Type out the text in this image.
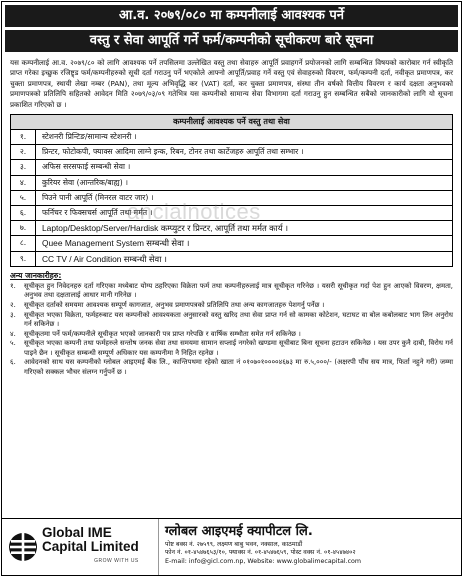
आ.व. २०७९/०८० मा कम्पनीलाई आवश्यक पर्ने
वस्तु र सेवा आपूर्ति गर्ने फर्म/कम्पनीको सूचीकरण बारे सूचना
यस कम्पनीलाई आ.व. २०७९/८० को लागि आवश्यक पर्ने तपसिलमा उल्लेखित वस्तु तथा सेवाहरु आपूर्ति प्रवाहगर्ने प्रयोजनको लागि सम्बन्धित विषयको कारोबार गर्न स्वीकृति प्राप्त गरेका इच्छुक रजिष्ट्र्ड फर्म/कम्पनीहरुको सूची दर्ता गराउनु पर्ने भएकोले आफ्नो आपूर्ति/प्रवाह गर्ने वस्तु एवं सेवाहरुको विवरण, फर्म/कम्पनी दर्ता, नवीकृत प्रमाणपत्र, कर चुक्ता प्रमाणपत्र, स्थायी लेखा नम्बर (PAN), तथा मूल्य अभिवृद्धि कर (VAT) दर्ता, कर चुक्ता प्रमाणपत्र, संस्था तीन वर्षको वित्तीय विवरण र कार्य दक्षता अनुभवको प्रमाणपत्रको प्रतिलिपि सहितको आवेदन मिति २०७९/०३/०९ गतेभित्र यस कम्पनीको सामान्य सेवा विभागमा दर्ता गराउनु हुन सम्बन्धित सबैको जानकारीको लागि यो सूचना प्रकाशित गरिएको छ ।
कम्पनीलाई आवश्यक पर्ने वस्तु तथा सेवा
१.	स्टेशनरी प्रिन्टिङ/सामान्य स्टेशनरी ।
२.	प्रिन्टर, फोटोकपी, फ्याक्स आदिमा लाग्ने इन्क, रिबन, टोनर तथा कार्टेजहरु आपूर्ति तथा सम्भार ।
३.	अफिस सरसफाई सम्बन्धी सेवा ।
४.	कुरियर सेवा (आन्तरिक/बाह्य) ।
५.	पिउने पानी आपूर्ति (मिनरल वाटर जार) ।
६.	फर्निचर र फिक्सचर्स आपूर्ति तथा मर्मत ।
७.	Laptop/Desktop/Server/Hardisk कम्प्युटर र प्रिन्टर, आपूर्ति तथा मर्मत कार्य ।
८.	Quee Management System सम्बन्धी सेवा ।
९.	CC TV / Air Condition सम्बन्धी सेवा ।
ancialnotices
अन्य जानकारीहरु:
१.	सूचीकृत हुन निवेदनहरु दर्ता गरिएका मध्येबाट योग्य ठहरिएका विक्रेता फर्म तथा कम्पनीहरुलाई मात्र सूचीकृत गरिनेछ । यसरी सूचीकृत गर्दा पेश हुन आएको विवरण, क्षमता, अनुभव तथा दक्षतालाई आधार मानी गरिनेछ ।
२.	सूचीकृत दर्ताको समयमा आवश्यक सम्पूर्ण कागजात, अनुभव प्रमाणपत्रको प्रतिलिपि तथा अन्य कागजातहरु पेशगर्नु पर्नेछ ।
३.	सूचीकृत भएका विक्रेता, फर्महरुबाट यस कम्पनीको आवश्यकता अनुसारको वस्तु खरिद तथा सेवा प्राप्त गर्न सो कामका कोटेशन, घटाघट वा बोल कबोलबाट भाग लिन अनुरोध गर्न सकिनेछ ।
४.	सूचीकृतमा पर्ने फर्म/कम्पनीले सूचीकृत भएको जानकारी पत्र प्राप्त गरेपछि र वार्षिक सम्भौता समेत गर्न सकिनेछ ।
५.	सूचीकृत भएका कम्पनी तथा फर्महरुले सन्तोष जनक सेवा तथा समयमा सामान सप्लाई नगरेको खण्डमा सूचीबाट बिना सूचना हटाउन सकिनेछ । यस उपर कुनै दाबी, विरोध गर्न पाइने छैन । सूचीकृत सम्बन्धी सम्पूर्ण अधिकार यस कम्पनीमा नै निहित रहनेछ ।
६.	आवेदनको साथ यस कम्पनीको ग्लोबल आइएमई बैंक लि., कान्तिपथमा रहेको खाता नं ०१०७०१००००४६७३ मा रु.५,०००/- (अक्षरपी पाँच सय मात्र, फिर्ता नहुने गरी) जम्मा गरिएको सक्कल भौचर संलग्न गर्नुपर्ने छ ।
Global IME
Capital Limited
GROW WITH US
ग्लोबल आइएमई क्यापीटल लि.
पोष्ट बक्स नं. २७५९९, लक्ष्मण बाबु भवन, नक्साल, काठमाडौं
फोन नं. ०१-४५४७६५३/१०, फ्याक्स नं. ०१-४५४७६५९, पोस्ट वक्स नं. ०१-४५४७४०२
E-mail: info@gicl.com.np, Website: www.globalimecapital.com
